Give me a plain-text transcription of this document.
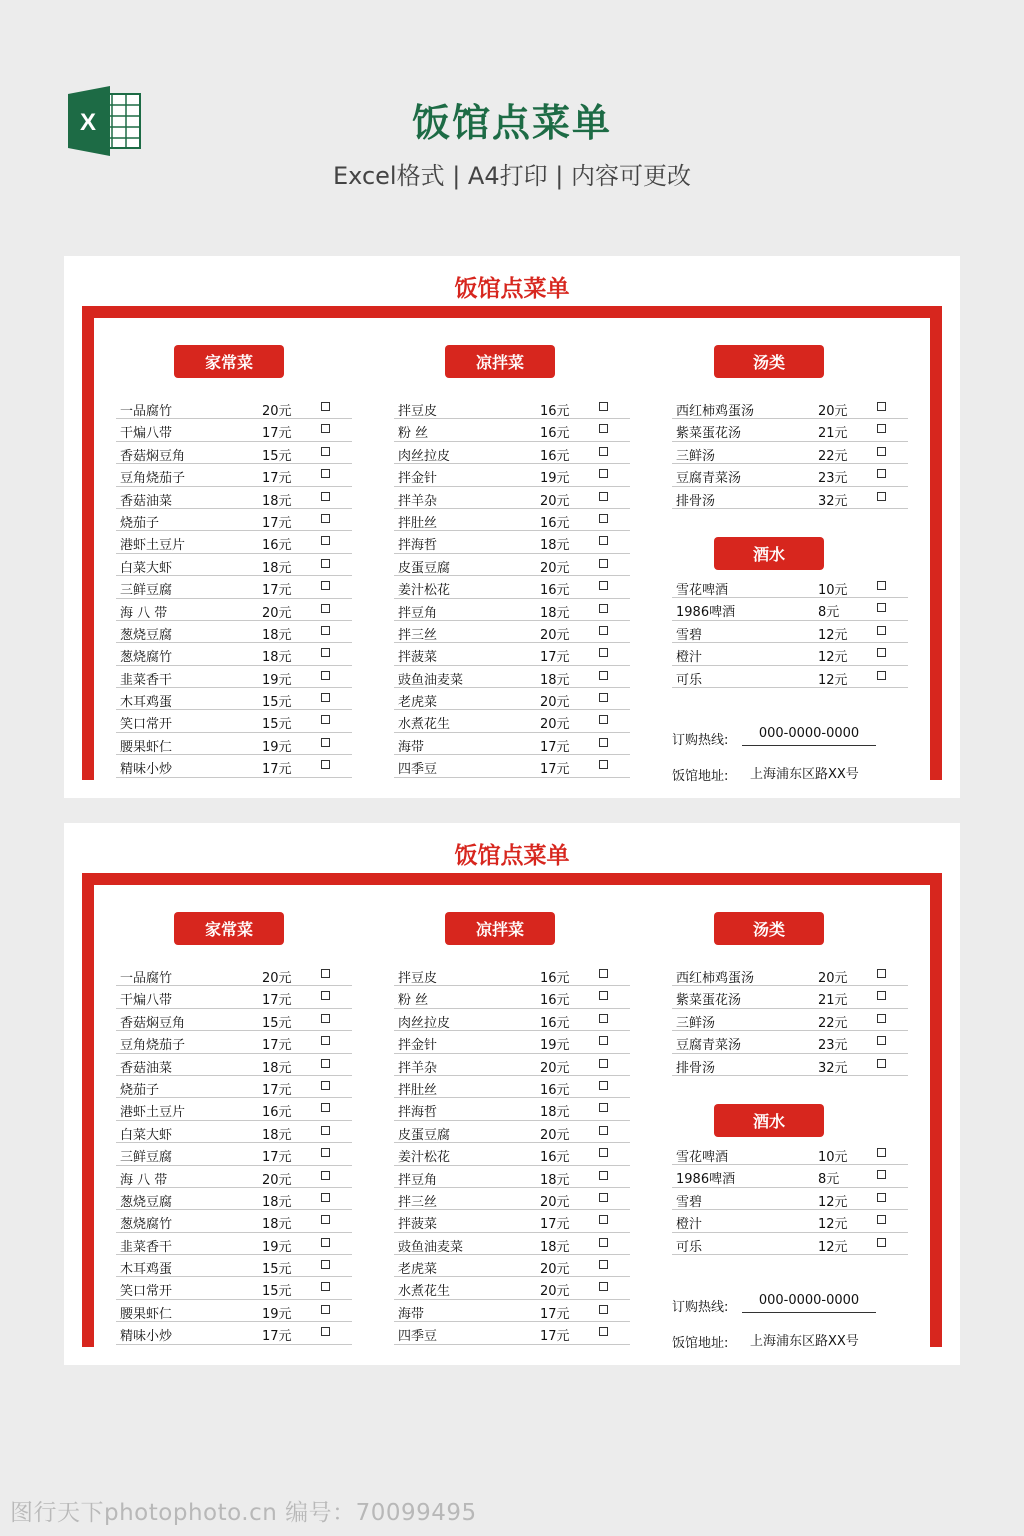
X	饭馆点菜单
Excel格式 | A4打印 | 内容可更改
饭馆点菜单
家常菜	凉拌菜	汤类
酒水
一品腐竹	20元
干煸八带	17元
香菇焖豆角	15元
豆角烧茄子	17元
香菇油菜	18元
烧茄子	17元
港虾土豆片	16元
白菜大虾	18元
三鲜豆腐	17元
海 八 带	20元
葱烧豆腐	18元
葱烧腐竹	18元
韭菜香干	19元
木耳鸡蛋	15元
笑口常开	15元
腰果虾仁	19元
精味小炒	17元
拌豆皮	16元
粉 丝	16元
肉丝拉皮	16元
拌金针	19元
拌羊杂	20元
拌肚丝	16元
拌海哲	18元
皮蛋豆腐	20元
姜汁松花	16元
拌豆角	18元
拌三丝	20元
拌菠菜	17元
豉鱼油麦菜	18元
老虎菜	20元
水煮花生	20元
海带	17元
四季豆	17元
西红柿鸡蛋汤	20元
紫菜蛋花汤	21元
三鲜汤	22元
豆腐青菜汤	23元
排骨汤	32元
雪花啤酒	10元
1986啤酒	8元
雪碧	12元
橙汁	12元
可乐	12元
订购热线:	000-0000-0000
饭馆地址: 上海浦东区路XX号
饭馆点菜单
家常菜	凉拌菜	汤类
酒水
一品腐竹	20元
干煸八带	17元
香菇焖豆角	15元
豆角烧茄子	17元
香菇油菜	18元
烧茄子	17元
港虾土豆片	16元
白菜大虾	18元
三鲜豆腐	17元
海 八 带	20元
葱烧豆腐	18元
葱烧腐竹	18元
韭菜香干	19元
木耳鸡蛋	15元
笑口常开	15元
腰果虾仁	19元
精味小炒	17元
拌豆皮	16元
粉 丝	16元
肉丝拉皮	16元
拌金针	19元
拌羊杂	20元
拌肚丝	16元
拌海哲	18元
皮蛋豆腐	20元
姜汁松花	16元
拌豆角	18元
拌三丝	20元
拌菠菜	17元
豉鱼油麦菜	18元
老虎菜	20元
水煮花生	20元
海带	17元
四季豆	17元
西红柿鸡蛋汤	20元
紫菜蛋花汤	21元
三鲜汤	22元
豆腐青菜汤	23元
排骨汤	32元
雪花啤酒	10元
1986啤酒	8元
雪碧	12元
橙汁	12元
可乐	12元
订购热线:	000-0000-0000
饭馆地址: 上海浦东区路XX号
图行天下photophoto.cn 编号：70099495
